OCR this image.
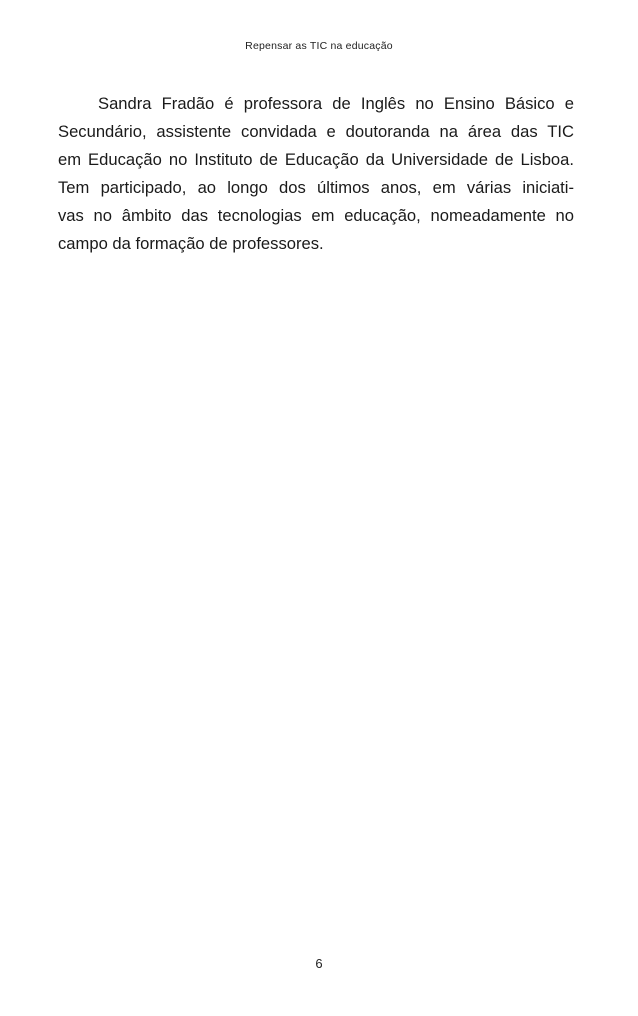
Repensar as TIC na educação
Sandra Fradão é professora de Inglês no Ensino Básico e
Secundário, assistente convidada e doutoranda na área das TIC
em Educação no Instituto de Educação da Universidade de Lisboa.
Tem participado, ao longo dos últimos anos, em várias iniciati-
vas no âmbito das tecnologias em educação, nomeadamente no
campo da formação de professores.
6
